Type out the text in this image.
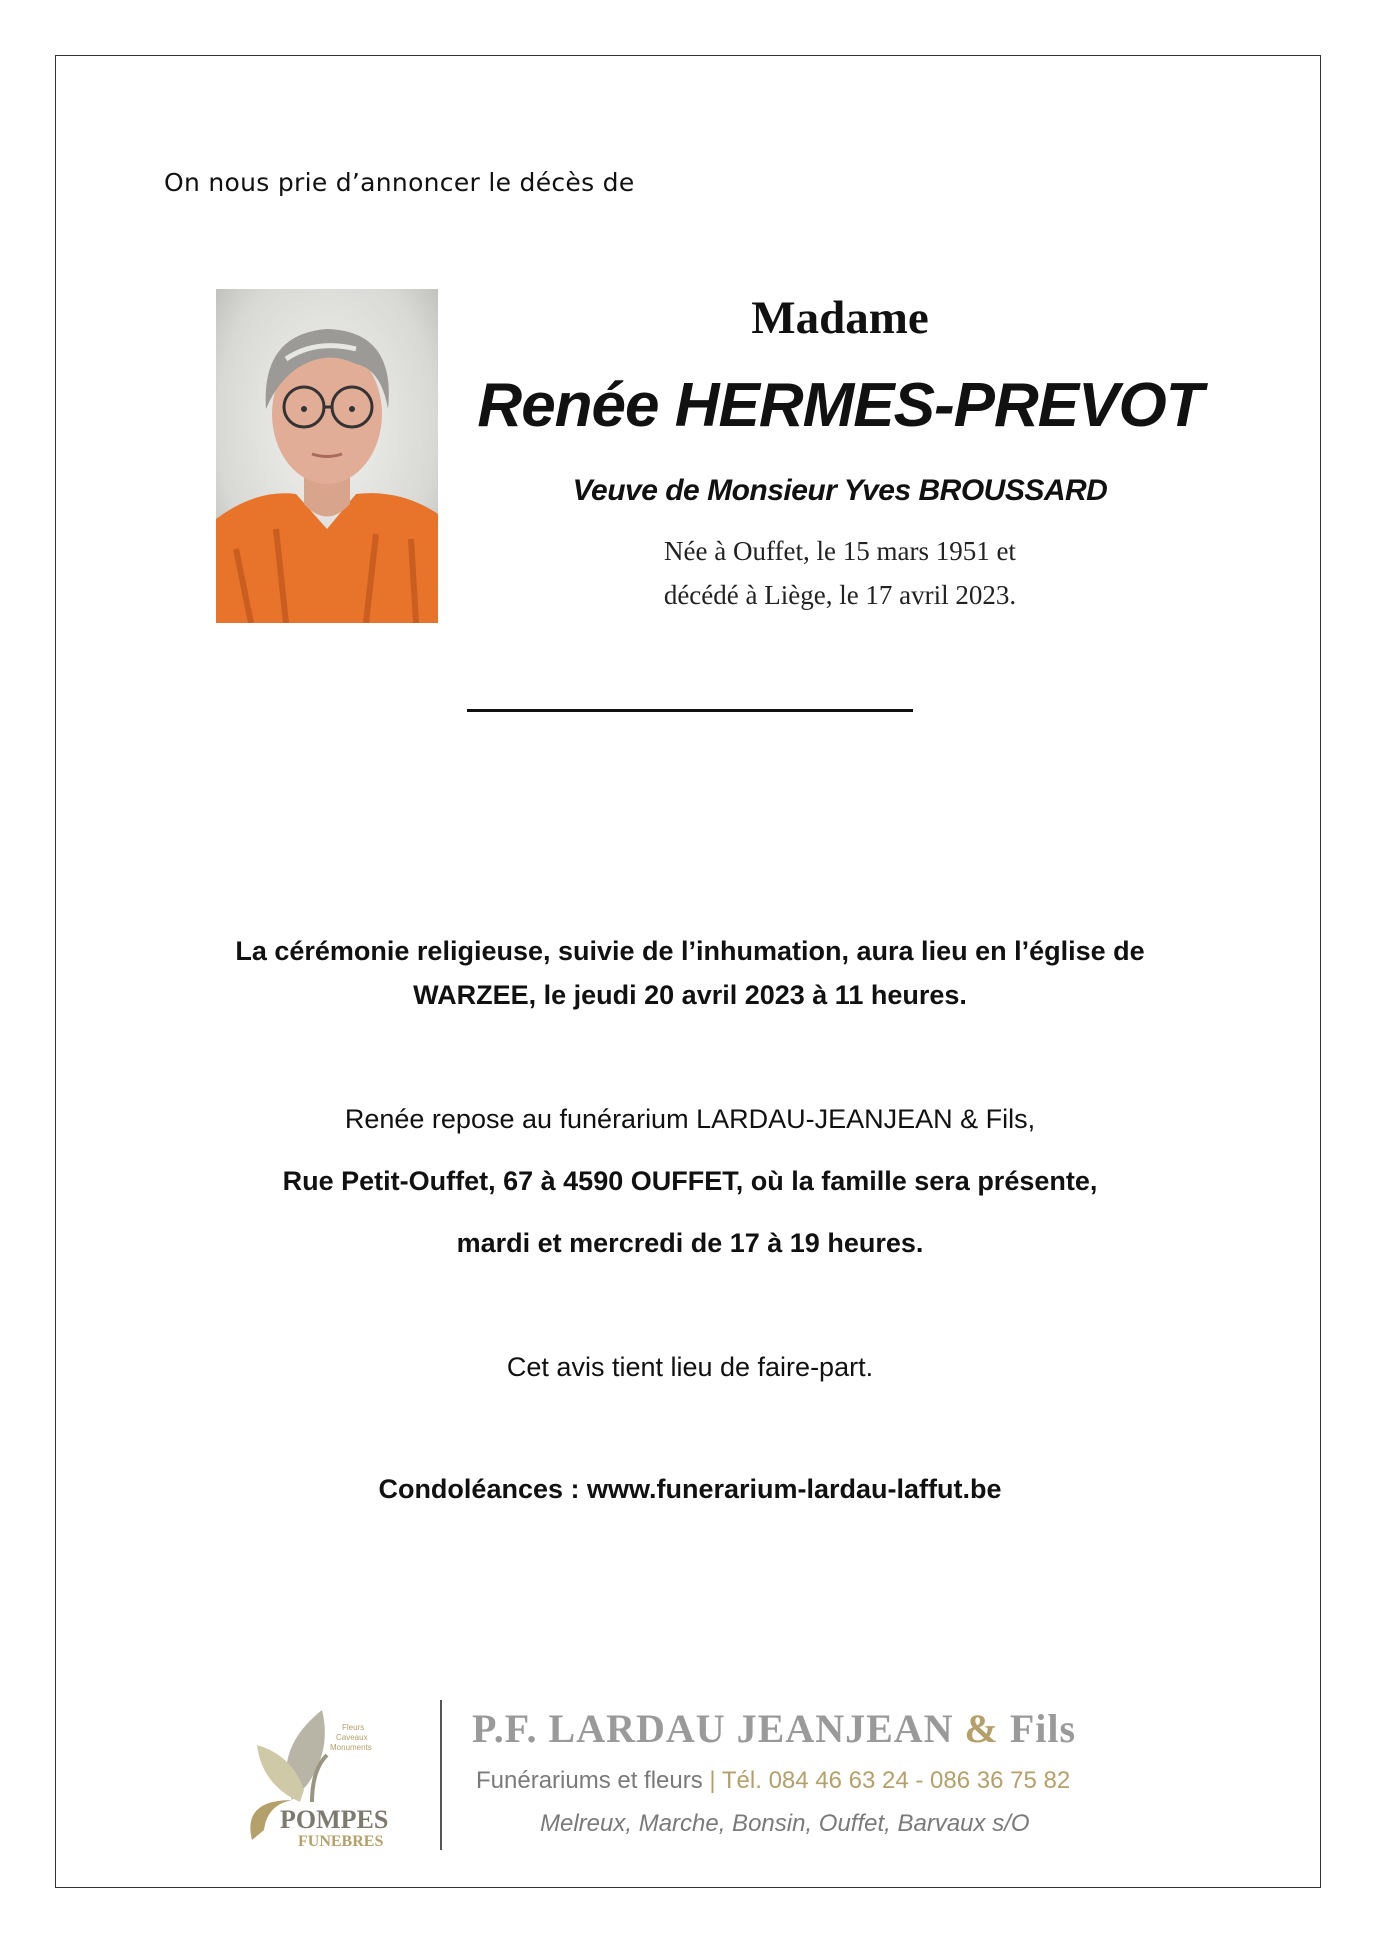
On nous prie d’annoncer le décès de
Madame
Renée HERMES-PREVOT
Veuve de Monsieur Yves BROUSSARD
Née à Ouffet, le 15 mars 1951 et
décédé à Liège, le 17 avril 2023.
La cérémonie religieuse, suivie de l’inhumation, aura lieu en l’église de
WARZEE, le jeudi 20 avril 2023 à 11 heures.
Renée repose au funérarium LARDAU-JEANJEAN & Fils,
Rue Petit-Ouffet, 67 à 4590 OUFFET, où la famille sera présente,
mardi et mercredi de 17 à 19 heures.
Cet avis tient lieu de faire-part.
Condoléances : www.funerarium-lardau-laffut.be
Fleurs
Caveaux
Monuments
POMPES
FUNEBRES
P.F. LARDAU JEANJEAN & Fils
Funérariums et fleurs | Tél. 084 46 63 24 - 086 36 75 82
Melreux, Marche, Bonsin, Ouffet, Barvaux s/O
